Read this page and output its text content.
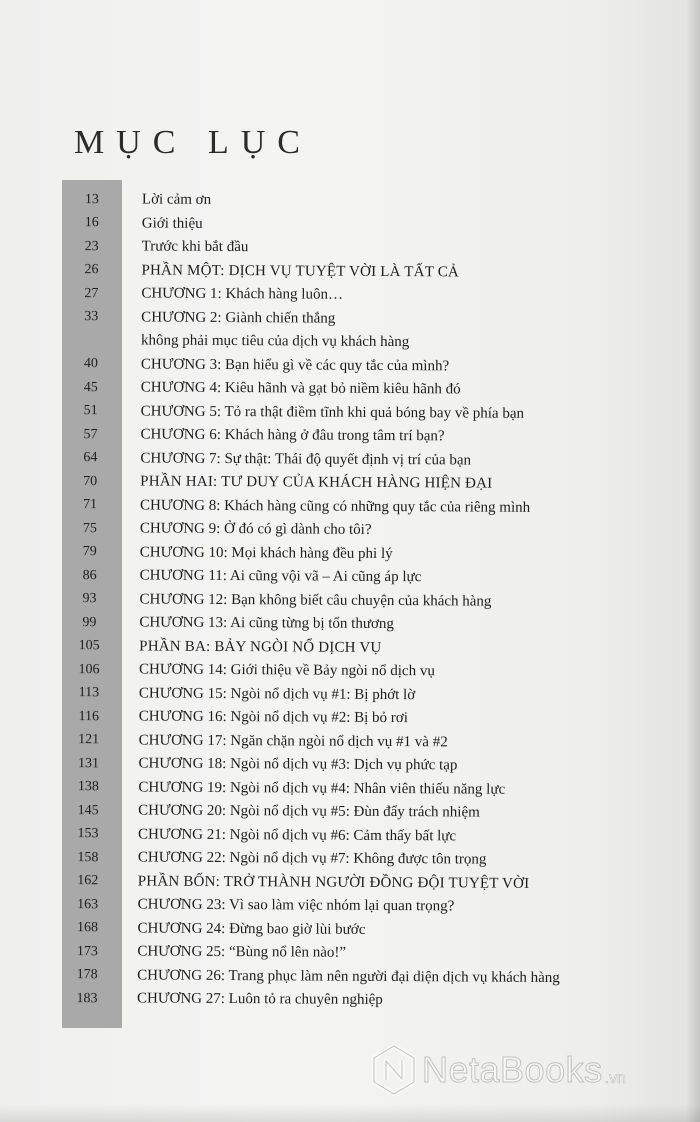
MỤC LỤC
13	Lời cảm ơn
16	Giới thiệu
23	Trước khi bắt đầu
26	PHẦN MỘT: DỊCH VỤ TUYỆT VỜI LÀ TẤT CẢ
27	CHƯƠNG 1: Khách hàng luôn…
33	CHƯƠNG 2: Giành chiến thắng
không phải mục tiêu của dịch vụ khách hàng
40	CHƯƠNG 3: Bạn hiểu gì về các quy tắc của mình?
45	CHƯƠNG 4: Kiêu hãnh và gạt bỏ niềm kiêu hãnh đó
51	CHƯƠNG 5: Tỏ ra thật điềm tĩnh khi quả bóng bay về phía bạn
57	CHƯƠNG 6: Khách hàng ở đâu trong tâm trí bạn?
64	CHƯƠNG 7: Sự thật: Thái độ quyết định vị trí của bạn
70	PHẦN HAI: TƯ DUY CỦA KHÁCH HÀNG HIỆN ĐẠI
71	CHƯƠNG 8: Khách hàng cũng có những quy tắc của riêng mình
75	CHƯƠNG 9: Ở đó có gì dành cho tôi?
79	CHƯƠNG 10: Mọi khách hàng đều phi lý
86	CHƯƠNG 11: Ai cũng vội vã – Ai cũng áp lực
93	CHƯƠNG 12: Bạn không biết câu chuyện của khách hàng
99	CHƯƠNG 13: Ai cũng từng bị tổn thương
105	PHẦN BA: BẢY NGÒI NỔ DỊCH VỤ
106	CHƯƠNG 14: Giới thiệu về Bảy ngòi nổ dịch vụ
113	CHƯƠNG 15: Ngòi nổ dịch vụ #1: Bị phớt lờ
116	CHƯƠNG 16: Ngòi nổ dịch vụ #2: Bị bỏ rơi
121	CHƯƠNG 17: Ngăn chặn ngòi nổ dịch vụ #1 và #2
131	CHƯƠNG 18: Ngòi nổ dịch vụ #3: Dịch vụ phức tạp
138	CHƯƠNG 19: Ngòi nổ dịch vụ #4: Nhân viên thiếu năng lực
145	CHƯƠNG 20: Ngòi nổ dịch vụ #5: Đùn đẩy trách nhiệm
153	CHƯƠNG 21: Ngòi nổ dịch vụ #6: Cảm thấy bất lực
158	CHƯƠNG 22: Ngòi nổ dịch vụ #7: Không được tôn trọng
162	PHẦN BỐN: TRỞ THÀNH NGƯỜI ĐỒNG ĐỘI TUYỆT VỜI
163	CHƯƠNG 23: Vì sao làm việc nhóm lại quan trọng?
168	CHƯƠNG 24: Đừng bao giờ lùi bước
173	CHƯƠNG 25: “Bùng nổ lên nào!”
178	CHƯƠNG 26: Trang phục làm nên người đại diện dịch vụ khách hàng
183	CHƯƠNG 27: Luôn tỏ ra chuyên nghiệp
NetaBooks .vn
